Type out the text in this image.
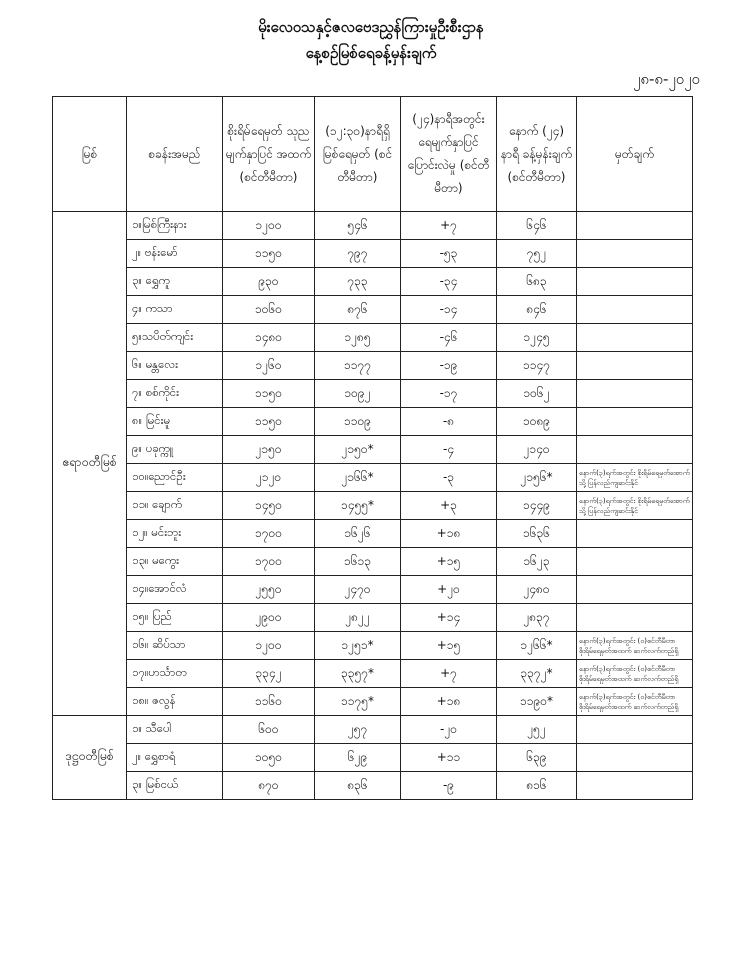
မိုးလေဝသနှင့်ဇလဗေဒညွှန်ကြားမှုဦးစီးဌာန
နေ့စဉ်မြစ်ရေခန့်မှန်းချက်
၂၈-၈-၂၀၂၀
မြစ်	စခန်းအမည်	စိုးရိမ်ရေမှတ် သုညမျက်နှာပြင် အထက် (စင်တီမီတာ)	(၁၂:၃၀)နာရီရှိ မြစ်ရေမှတ် (စင်တီမီတာ)	(၂၄)နာရီအတွင်း ရေမျက်နှာပြင် ပြောင်းလဲမှု (စင်တီမီတာ)	နောက် (၂၄) နာရီ ခန့်မှန်းချက် (စင်တီမီတာ)	မှတ်ချက်
ဧရာဝတီမြစ်	၁။မြစ်ကြီးနား	၁၂၀၀	၅၄၆	+၇	၆၄၆	
	၂။ ဗန်းမော်	၁၁၅၀	၇၉၇	-၅၃	၇၅၂	
	၃။ ရွှေကူ	၉၃၀	၇၃၃	-၃၄	၆၈၃	
	၄။ ကသာ	၁၀၆၀	၈၇၆	-၁၄	၈၄၆	
	၅။သပိတ်ကျင်း	၁၄၈၀	၁၂၈၅	-၄၆	၁၂၄၅	
	၆။ မန္တလေး	၁၂၆၀	၁၁၇၇	-၁၉	၁၁၄၇	
	၇။ စစ်ကိုင်း	၁၁၅၀	၁၀၉၂	-၁၇	၁၀၆၂	
	၈။ မြင်းမူ	၁၁၅၀	၁၁၀၉	-၈	၁၀၈၉	
	၉။ ပခုက္ကူ	၂၁၅၀	၂၁၅၀*	-၄	၂၁၄၀	
	၁၀။ညောင်ဦး	၂၁၂၀	၂၁၆၆*	-၃	၂၁၅၆*	နောက်(၃)ရက်အတွင်း စိုးရိမ်ရေမှတ်အောက်သို့ ပြန်လည်ကျဆင်းနိုင်
	၁၁။ ချောက်	၁၄၅၀	၁၄၅၅*	+၃	၁၄၄၉	နောက်(၃)ရက်အတွင်း စိုးရိမ်ရေမှတ်အောက်သို့ ပြန်လည်ကျဆင်းနိုင်
	၁၂။ မင်းဘူး	၁၇၀၀	၁၆၂၆	+၁၈	၁၆၃၆	
	၁၃။ မကွေး	၁၇၀၀	၁၆၁၃	+၁၅	၁၆၂၃	
	၁၄။အောင်လံ	၂၅၅၀	၂၄၇၀	+၂၀	၂၄၈၀	
	၁၅။ ပြည်	၂၉၀၀	၂၈၂၂	+၁၄	၂၈၃၇	
	၁၆။ ဆိပ်သာ	၁၂၀၀	၁၂၅၁*	+၁၅	၁၂၆၆*	နောက်(၃)ရက်အတွင်း (၀)စင်တီမီတာ စိုးရိမ်ရေမှတ်အထက် ဆက်လက်တည်ရှိ
	၁၇။ဟင်္သာတ	၃၃၄၂	၃၃၅၇*	+၇	၃၃၇၂*	နောက်(၃)ရက်အတွင်း (၀)စင်တီမီတာ စိုးရိမ်ရေမှတ်အထက် ဆက်လက်တည်ရှိ
	၁၈။ ဇလွန်	၁၁၆၀	၁၁၇၅*	+၁၈	၁၁၉၀*	နောက်(၃)ရက်အတွင်း (၀)စင်တီမီတာ စိုးရိမ်ရေမှတ်အထက် ဆက်လက်တည်ရှိ
ဒုဋ္ဌဝတီမြစ်	၁။ သီပေါ	၆၀၀	၂၅၇	-၂၀	၂၅၂	
	၂။ ရွှေစာရံ	၁၀၅၀	၆၂၉	+၁၁	၆၃၉	
	၃။ မြစ်ငယ်	၈၇၀	၈၃၆	-၉	၈၁၆	
